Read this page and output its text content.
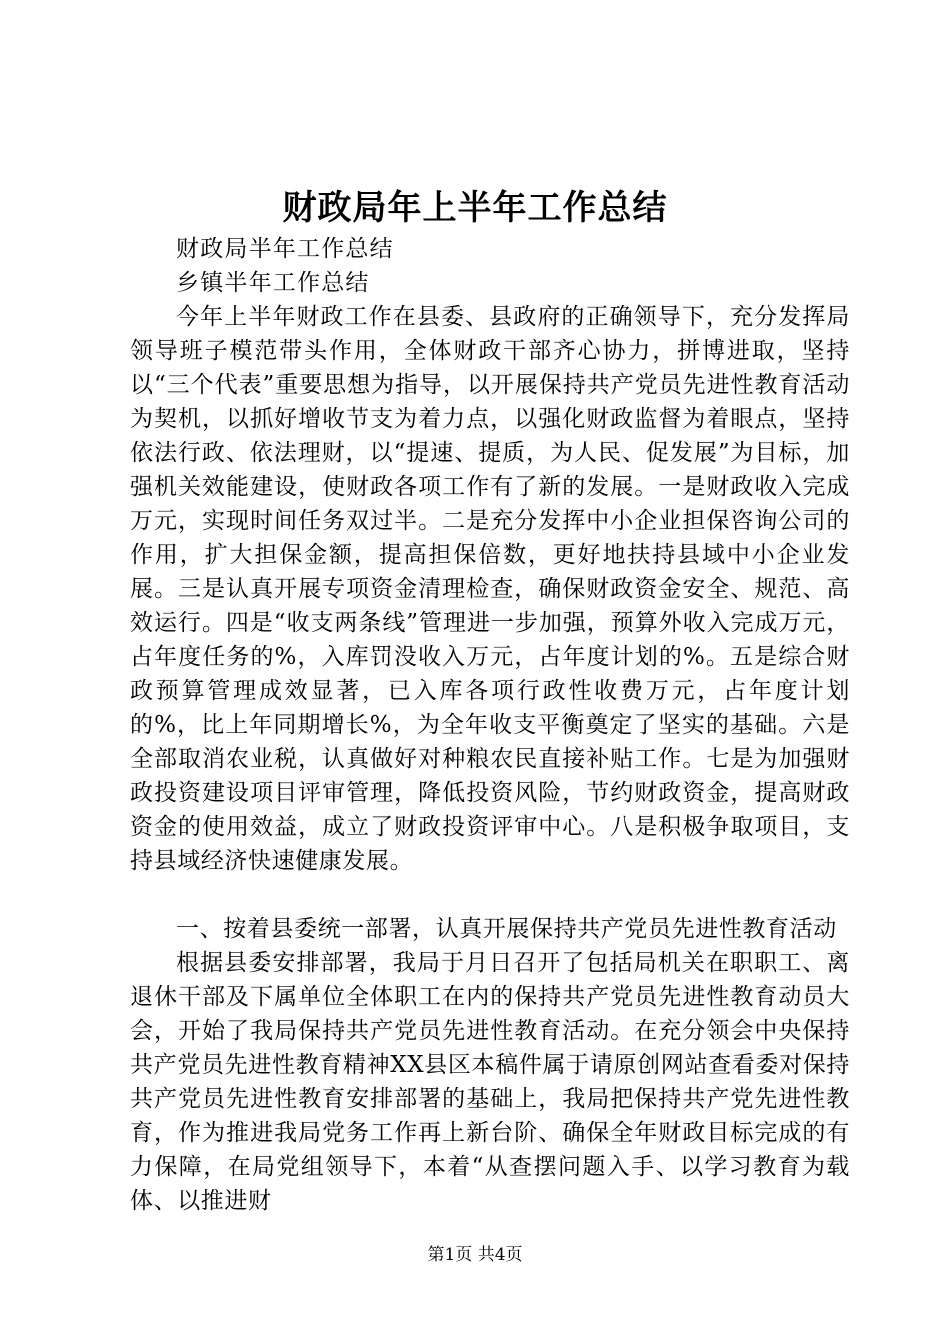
财政局年上半年工作总结

财政局半年工作总结

乡镇半年工作总结

今年上半年财政工作在县委、县政府的正确领导下，充分发挥局领导班子模范带头作用，全体财政干部齐心协力，拼博进取，坚持以“三个代表”重要思想为指导，以开展保持共产党员先进性教育活动为契机，以抓好增收节支为着力点，以强化财政监督为着眼点，坚持依法行政、依法理财，以“提速、提质，为人民、促发展”为目标，加强机关效能建设，使财政各项工作有了新的发展。一是财政收入完成万元，实现时间任务双过半。二是充分发挥中小企业担保咨询公司的作用，扩大担保金额，提高担保倍数，更好地扶持县域中小企业发展。三是认真开展专项资金清理检查，确保财政资金安全、规范、高效运行。四是“收支两条线”管理进一步加强，预算外收入完成万元，占年度任务的%，入库罚没收入万元，占年度计划的%。五是综合财政预算管理成效显著，已入库各项行政性收费万元，占年度计划的%，比上年同期增长%，为全年收支平衡奠定了坚实的基础。六是全部取消农业税，认真做好对种粮农民直接补贴工作。七是为加强财政投资建设项目评审管理，降低投资风险，节约财政资金，提高财政资金的使用效益，成立了财政投资评审中心。八是积极争取项目，支持县域经济快速健康发展。

一、按着县委统一部署，认真开展保持共产党员先进性教育活动

根据县委安排部署，我局于月日召开了包括局机关在职职工、离退休干部及下属单位全体职工在内的保持共产党员先进性教育动员大会，开始了我局保持共产党员先进性教育活动。在充分领会中央保持共产党员先进性教育精神XX县区本稿件属于请原创网站查看委对保持共产党员先进性教育安排部署的基础上，我局把保持共产党先进性教育，作为推进我局党务工作再上新台阶、确保全年财政目标完成的有力保障，在局党组领导下，本着“从查摆问题入手、以学习教育为载体、以推进财

第1页 共4页
